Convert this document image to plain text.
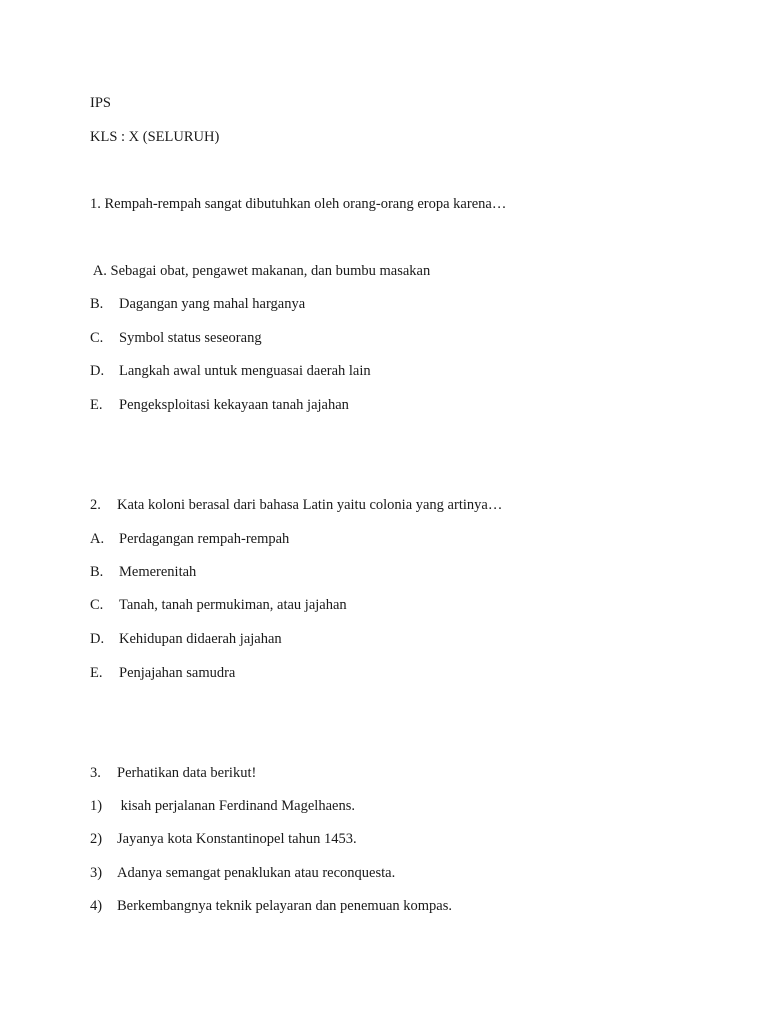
IPS
KLS : X (SELURUH)
1. Rempah-rempah sangat dibutuhkan oleh orang-orang eropa karena…
A. Sebagai obat, pengawet makanan, dan bumbu masakan
B. Dagangan yang mahal harganya
C. Symbol status seseorang
D. Langkah awal untuk menguasai daerah lain
E. Pengeksploitasi kekayaan tanah jajahan
2. Kata koloni berasal dari bahasa Latin yaitu colonia yang artinya…
A. Perdagangan rempah-rempah
B. Memerenitah
C. Tanah, tanah permukiman, atau jajahan
D. Kehidupan didaerah jajahan
E. Penjajahan samudra
3. Perhatikan data berikut!
1) kisah perjalanan Ferdinand Magelhaens.
2) Jayanya kota Konstantinopel tahun 1453.
3) Adanya semangat penaklukan atau reconquesta.
4) Berkembangnya teknik pelayaran dan penemuan kompas.
